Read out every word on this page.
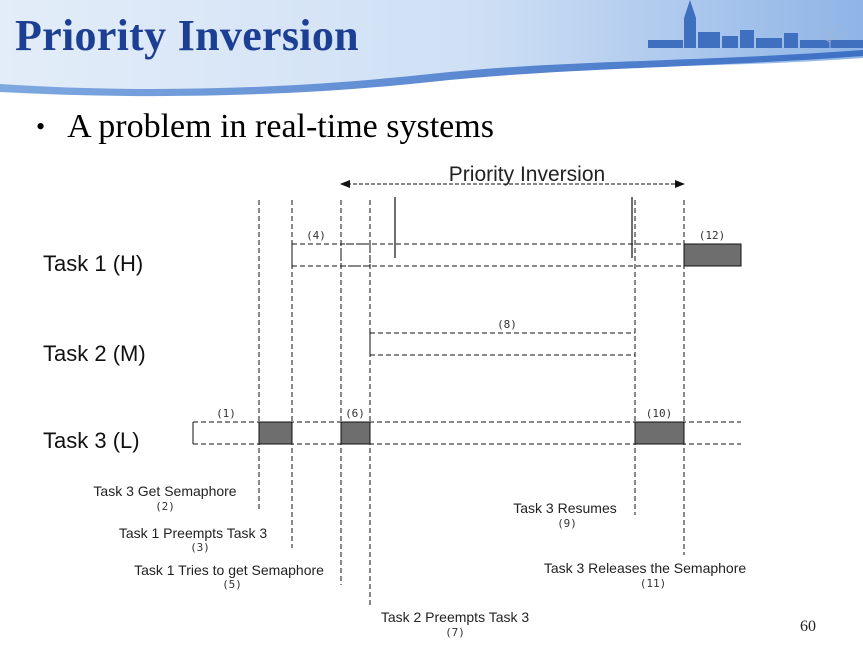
Priority Inversion
• A problem in real-time systems
Priority Inversion
Task 1 (H)
Task 2 (M)
Task 3 (L)
(4)	(12)
(8)
(1)	(6)	(10)
Task 3 Get Semaphore
(2)
Task 1 Preempts Task 3
(3)
Task 1 Tries to get Semaphore
(5)
Task 2 Preempts Task 3
(7)
Task 3 Resumes
(9)
Task 3 Releases the Semaphore
(11)
60
